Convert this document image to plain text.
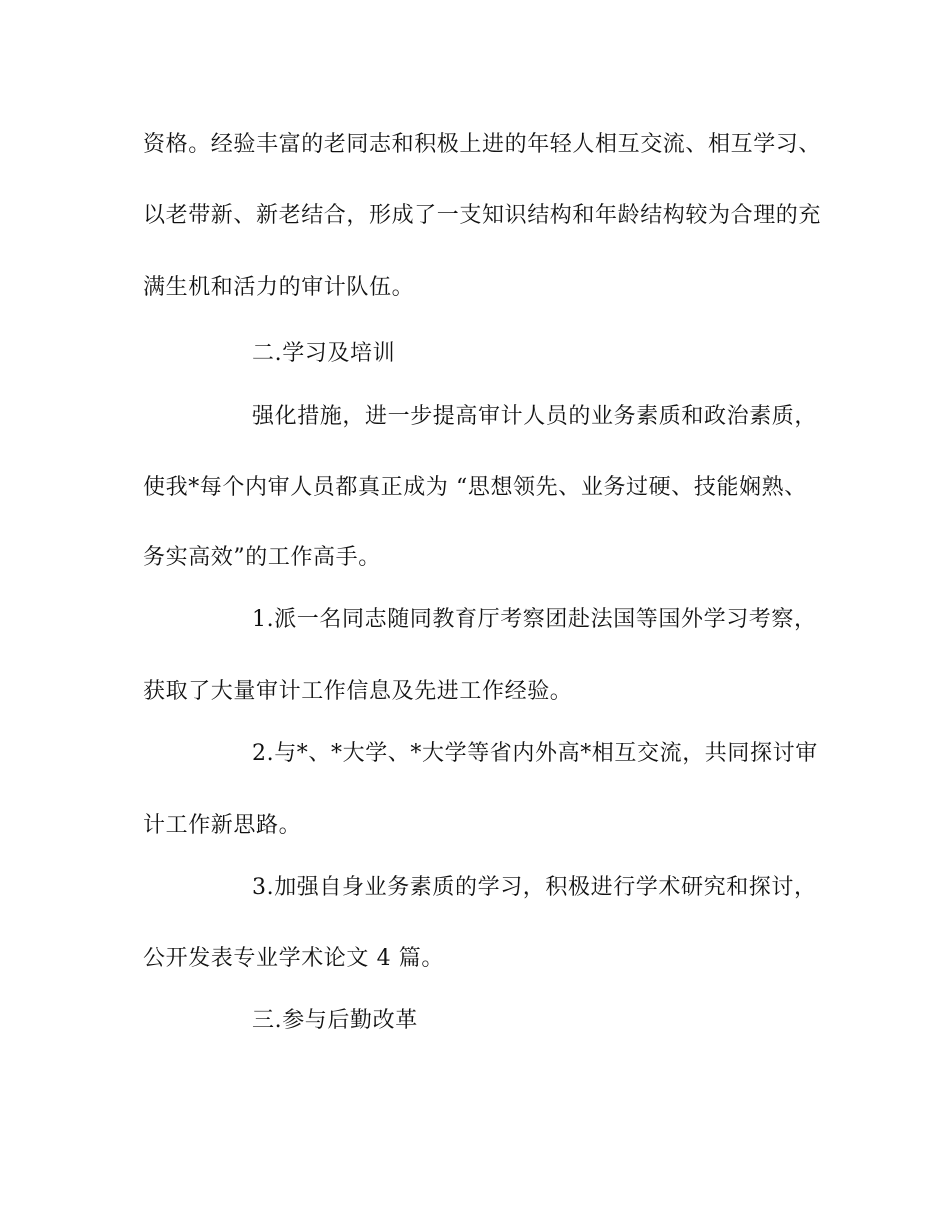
资格。经验丰富的老同志和积极上进的年轻人相互交流、相互学习、
以老带新、新老结合，形成了一支知识结构和年龄结构较为合理的充
满生机和活力的审计队伍。
二.学习及培训
强化措施，进一步提高审计人员的业务素质和政治素质，
使我*每个内审人员都真正成为 “思想领先、业务过硬、技能娴熟、
务实高效”的工作高手。
1.派一名同志随同教育厅考察团赴法国等国外学习考察，
获取了大量审计工作信息及先进工作经验。
2.与*、*大学、*大学等省内外高*相互交流，共同探讨审
计工作新思路。
3.加强自身业务素质的学习，积极进行学术研究和探讨，
公开发表专业学术论文 4 篇。
三.参与后勤改革
